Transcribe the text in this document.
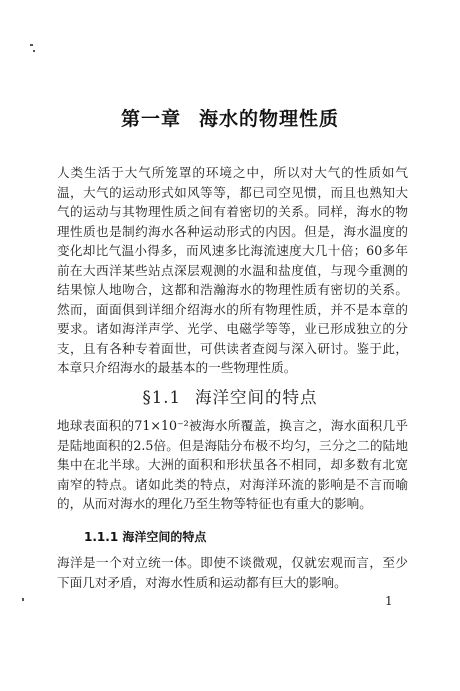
第一章 海水的物理性质
人类生活于大气所笼罩的环境之中，所以对大气的性质如气温，大气的运动形式如风等等，都已司空见惯，而且也熟知大气的运动与其物理性质之间有着密切的关系。同样，海水的物理性质也是制约海水各种运动形式的内因。但是，海水温度的变化却比气温小得多，而风速多比海流速度大几十倍；60多年前在大西洋某些站点深层观测的水温和盐度值，与现今重测的结果惊人地吻合，这都和浩瀚海水的物理性质有密切的关系。然而，面面俱到详细介绍海水的所有物理性质，并不是本章的要求。诸如海洋声学、光学、电磁学等等，业已形成独立的分支，且有各种专着面世，可供读者查阅与深入研讨。鉴于此，本章只介绍海水的最基本的一些物理性质。
§1.1 海洋空间的特点
地球表面积的71×10⁻²被海水所覆盖，换言之，海水面积几乎是陆地面积的2.5倍。但是海陆分布极不均匀，三分之二的陆地集中在北半球。大洲的面积和形状虽各不相同，却多数有北宽南窄的特点。诸如此类的特点，对海洋环流的影响是不言而喻的，从而对海水的理化乃至生物等特征也有重大的影响。
1.1.1 海洋空间的特点
海洋是一个对立统一体。即使不谈微观，仅就宏观而言，至少下面几对矛盾，对海水性质和运动都有巨大的影响。
1
